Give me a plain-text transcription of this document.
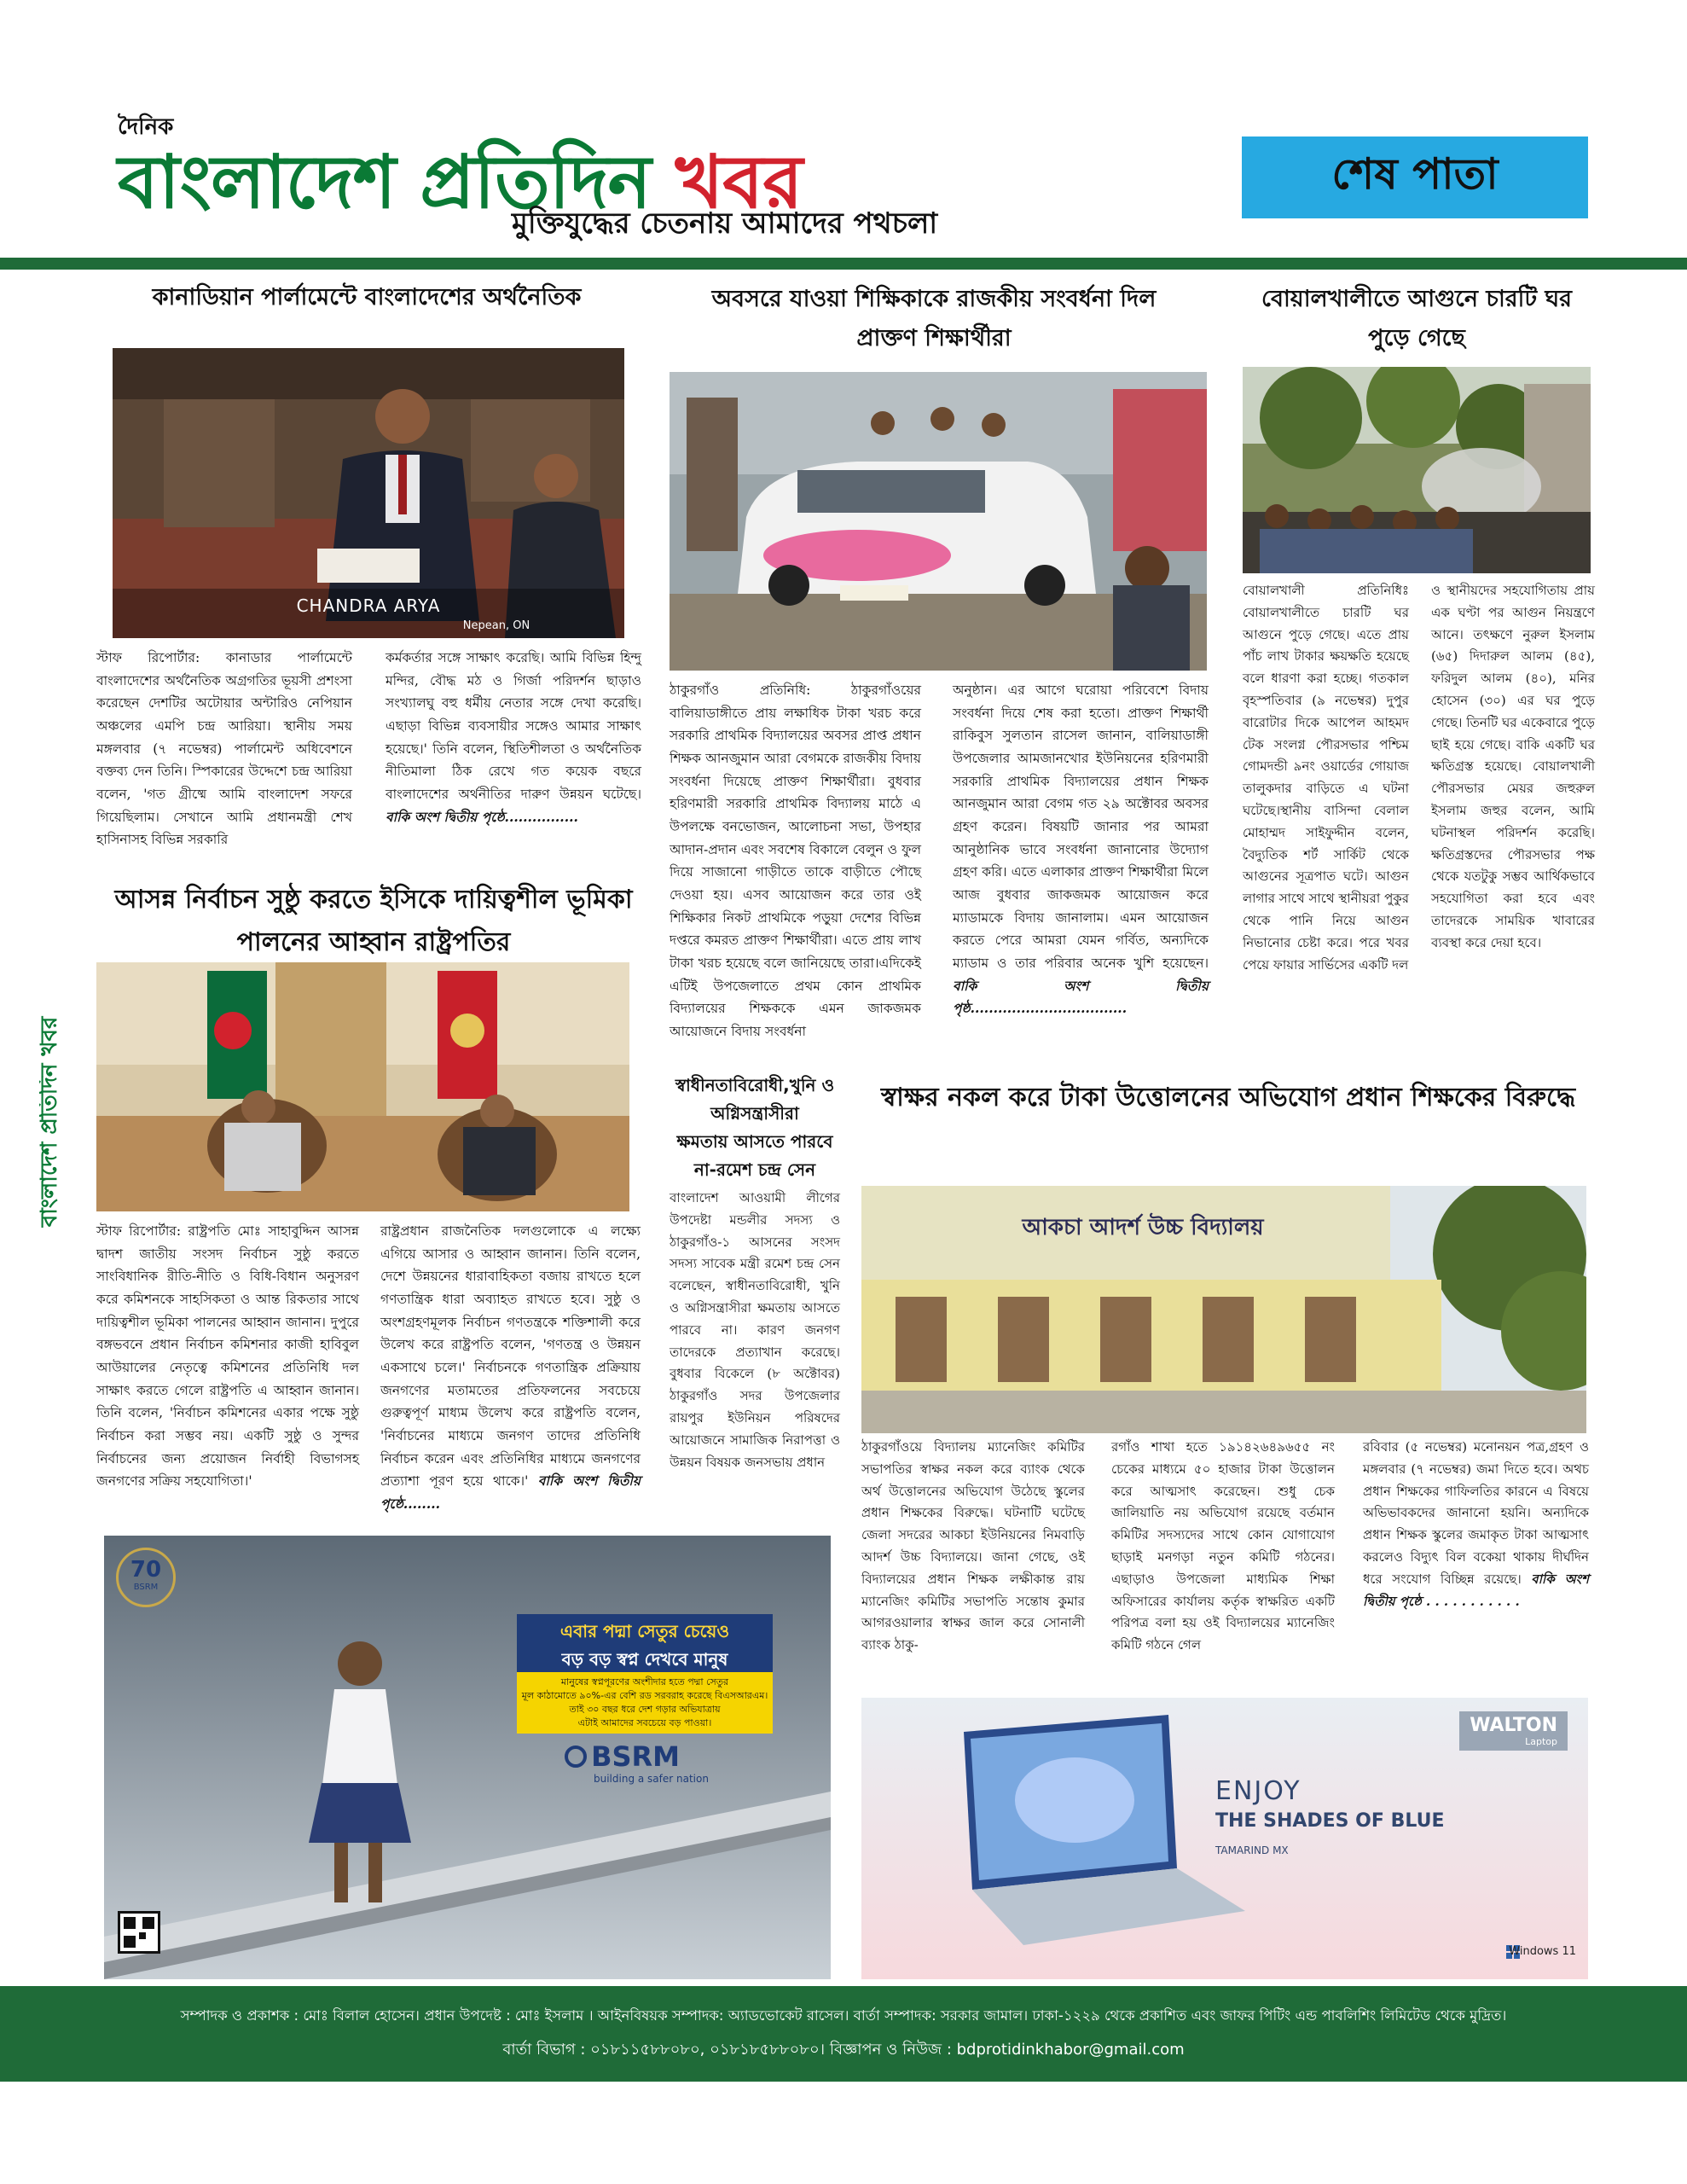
দৈনিক
বাংলাদেশ প্রতিদিন খবর
মুক্তিযুদ্ধের চেতনায় আমাদের পথচলা
শেষ পাতা
বাংলাদেশ প্রতিদিন খবর
কানাডিয়ান পার্লামেন্টে বাংলাদেশের অর্থনৈতিক
CHANDRA ARYA
Nepean, ON
স্টাফ রিপোর্টার: কানাডার পার্লামেন্টে বাংলাদেশের অর্থনৈতিক অগ্রগতির ভূয়সী প্রশংসা করেছেন দেশটির অটোয়ার অন্টারিও নেপিয়ান অঞ্চলের এমপি চন্দ্র আরিয়া। স্থানীয় সময় মঙ্গলবার (৭ নভেম্বর) পার্লামেন্ট অধিবেশনে বক্তব্য দেন তিনি। স্পিকারের উদ্দেশে চন্দ্র আরিয়া বলেন, 'গত গ্রীষ্মে আমি বাংলাদেশ সফরে গিয়েছিলাম। সেখানে আমি প্রধানমন্ত্রী শেখ হাসিনাসহ বিভিন্ন সরকারি
কর্মকর্তার সঙ্গে সাক্ষাৎ করেছি। আমি বিভিন্ন হিন্দু মন্দির, বৌদ্ধ মঠ ও গির্জা পরিদর্শন ছাড়াও সংখ্যালঘু বহু ধর্মীয় নেতার সঙ্গে দেখা করেছি। এছাড়া বিভিন্ন ব্যবসায়ীর সঙ্গেও আমার সাক্ষাৎ হয়েছে।' তিনি বলেন, স্থিতিশীলতা ও অর্থনৈতিক নীতিমালা ঠিক রেখে গত কয়েক বছরে বাংলাদেশের অর্থনীতির দারুণ উন্নয়ন ঘটেছে। বাকি অংশ দ্বিতীয় পৃষ্ঠে................
আসন্ন নির্বাচন সুষ্ঠু করতে ইসিকে দায়িত্বশীল ভূমিকা পালনের আহ্বান রাষ্ট্রপতির
স্টাফ রিপোর্টার: রাষ্ট্রপতি মোঃ সাহাবুদ্দিন আসন্ন দ্বাদশ জাতীয় সংসদ নির্বাচন সুষ্ঠু করতে সাংবিধানিক রীতি-নীতি ও বিধি-বিধান অনুসরণ করে কমিশনকে সাহসিকতা ও আন্ত রিকতার সাথে দায়িত্বশীল ভূমিকা পালনের আহ্বান জানান। দুপুরে বঙ্গভবনে প্রধান নির্বাচন কমিশনার কাজী হাবিবুল আউয়ালের নেতৃত্বে কমিশনের প্রতিনিধি দল সাক্ষাৎ করতে গেলে রাষ্ট্রপতি এ আহ্বান জানান। তিনি বলেন, 'নির্বাচন কমিশনের একার পক্ষে সুষ্ঠু নির্বাচন করা সম্ভব নয়। একটি সুষ্ঠু ও সুন্দর নির্বাচনের জন্য প্রয়োজন নির্বাহী বিভাগসহ জনগণের সক্রিয় সহযোগিতা।'
রাষ্ট্রপ্রধান রাজনৈতিক দলগুলোকে এ লক্ষ্যে এগিয়ে আসার ও আহ্বান জানান। তিনি বলেন, দেশে উন্নয়নের ধারাবাহিকতা বজায় রাখতে হলে গণতান্ত্রিক ধারা অব্যাহত রাখতে হবে। সুষ্ঠু ও অংশগ্রহণমূলক নির্বাচন গণতন্ত্রকে শক্তিশালী করে উলেখ করে রাষ্ট্রপতি বলেন, 'গণতন্ত্র ও উন্নয়ন একসাথে চলে।' নির্বাচনকে গণতান্ত্রিক প্রক্রিয়ায় জনগণের মতামতের প্রতিফলনের সবচেয়ে গুরুত্বপূর্ণ মাধ্যম উলেখ করে রাষ্ট্রপতি বলেন, 'নির্বাচনের মাধ্যমে জনগণ তাদের প্রতিনিধি নির্বাচন করেন এবং প্রতিনিধির মাধ্যমে জনগণের প্রত্যাশা পূরণ হয়ে থাকে।' বাকি অংশ দ্বিতীয় পৃষ্ঠে........
অবসরে যাওয়া শিক্ষিকাকে রাজকীয় সংবর্ধনা দিল প্রাক্তণ শিক্ষার্থীরা
ঠাকুরগাঁও প্রতিনিধি: ঠাকুরগাঁওয়ের বালিয়াডাঙ্গীতে প্রায় লক্ষাধিক টাকা খরচ করে সরকারি প্রাথমিক বিদ্যালয়ের অবসর প্রাপ্ত প্রধান শিক্ষক আনজুমান আরা বেগমকে রাজকীয় বিদায় সংবর্ধনা দিয়েছে প্রাক্তণ শিক্ষার্থীরা। বুধবার হরিণমারী সরকারি প্রাথমিক বিদ্যালয় মাঠে এ উপলক্ষে বনভোজন, আলোচনা সভা, উপহার আদান-প্রদান এবং সবশেষ বিকালে বেলুন ও ফুল দিয়ে সাজানো গাড়ীতে তাকে বাড়ীতে পৌছে দেওয়া হয়। এসব আয়োজন করে তার ওই শিক্ষিকার নিকট প্রাথমিকে পড়ুয়া দেশের বিভিন্ন দপ্তরে কমরত প্রাক্তণ শিক্ষার্থীরা। এতে প্রায় লাখ টাকা খরচ হয়েছে বলে জানিয়েছে তারা।এদিকেই এটিই উপজেলাতে প্রথম কোন প্রাথমিক বিদ্যালয়ের শিক্ষককে এমন জাকজমক আয়োজনে বিদায় সংবর্ধনা
অনুষ্ঠান। এর আগে ঘরোয়া পরিবেশে বিদায় সংবর্ধনা দিয়ে শেষ করা হতো। প্রাক্তণ শিক্ষার্থী রাকিবুস সুলতান রাসেল জানান, বালিয়াডাঙ্গী উপজেলার আমজানখোর ইউনিয়নের হরিণমারী সরকারি প্রাথমিক বিদ্যালয়ের প্রধান শিক্ষক আনজুমান আরা বেগম গত ২৯ অক্টোবর অবসর গ্রহণ করেন। বিষয়টি জানার পর আমরা আনুষ্ঠানিক ভাবে সংবর্ধনা জানানোর উদ্যোগ গ্রহণ করি। এতে এলাকার প্রাক্তণ শিক্ষার্থীরা মিলে আজ বুধবার জাকজমক আয়োজন করে ম্যাডামকে বিদায় জানালাম। এমন আয়োজন করতে পেরে আমরা যেমন গর্বিত, অন্যদিকে ম্যাডাম ও তার পরিবার অনেক খুশি হয়েছেন। বাকি অংশ দ্বিতীয় পৃষ্ঠ..................................
বোয়ালখালীতে আগুনে চারটি ঘর পুড়ে গেছে
বোয়ালখালী প্রতিনিধিঃ বোয়ালখালীতে চারটি ঘর আগুনে পুড়ে গেছে। এতে প্রায় পাঁচ লাখ টাকার ক্ষয়ক্ষতি হয়েছে বলে ধারণা করা হচ্ছে। গতকাল বৃহস্পতিবার (৯ নভেম্বর) দুপুর বারোটার দিকে আপেল আহমদ টেক সংলগ্ন পৌরসভার পশ্চিম গোমদন্ডী ৯নং ওয়ার্ডের গোয়াজ তালুকদার বাড়িতে এ ঘটনা ঘটেছে।স্থানীয় বাসিন্দা বেলাল মোহাম্মদ সাইফুদ্দীন বলেন, বৈদ্যুতিক শর্ট সার্কিট থেকে আগুনের সূত্রপাত ঘটে। আগুন লাগার সাথে সাথে স্থানীয়রা পুকুর থেকে পানি নিয়ে আগুন নিভানোর চেষ্টা করে। পরে খবর পেয়ে ফায়ার সার্ভিসের একটি দল
ও স্থানীয়দের সহযোগিতায় প্রায় এক ঘণ্টা পর আগুন নিয়ন্ত্রণে আনে। তৎক্ষণে নুরুল ইসলাম (৬৫) দিদারুল আলম (৪৫), ফরিদুল আলম (৪০), মনির হোসেন (৩০) এর ঘর পুড়ে গেছে। তিনটি ঘর একেবারে পুড়ে ছাই হয়ে গেছে। বাকি একটি ঘর ক্ষতিগ্রস্ত হয়েছে। বোয়ালখালী পৌরসভার মেয়র জহুরুল ইসলাম জহুর বলেন, আমি ঘটনাস্থল পরিদর্শন করেছি। ক্ষতিগ্রস্তদের পৌরসভার পক্ষ থেকে যতটুকু সম্ভব আর্থিকভাবে সহযোগিতা করা হবে এবং তাদেরকে সাময়িক খাবারের ব্যবস্থা করে দেয়া হবে।
স্বাধীনতাবিরোধী,খুনি ও
অগ্নিসন্ত্রাসীরা
ক্ষমতায় আসতে পারবে
না-রমেশ চন্দ্র সেন
বাংলাদেশ আওয়ামী লীগের উপদেষ্টা মন্ডলীর সদস্য ও ঠাকুরগাঁও-১ আসনের সংসদ সদস্য সাবেক মন্ত্রী রমেশ চন্দ্র সেন বলেছেন, স্বাধীনতাবিরোধী, খুনি ও অগ্নিসন্ত্রাসীরা ক্ষমতায় আসতে পারবে না। কারণ জনগণ তাদেরকে প্রত্যাখান করেছে। বুধবার বিকেলে (৮ অক্টোবর) ঠাকুরগাঁও সদর উপজেলার রায়পুর ইউনিয়ন পরিষদের আয়োজনে সামাজিক নিরাপত্তা ও উন্নয়ন বিষয়ক জনসভায় প্রধান
স্বাক্ষর নকল করে টাকা উত্তোলনের অভিযোগ প্রধান শিক্ষকের বিরুদ্ধে
আকচা আদর্শ উচ্চ বিদ্যালয়
ঠাকুরগাঁওয়ে বিদ্যালয় ম্যানেজিং কমিটির সভাপতির স্বাক্ষর নকল করে ব্যাংক থেকে অর্থ উত্তোলনের অভিযোগ উঠেছে স্কুলের প্রধান শিক্ষকের বিরুদ্ধে। ঘটনাটি ঘটেছে জেলা সদরের আকচা ইউনিয়নের নিমবাড়ি আদর্শ উচ্চ বিদ্যালয়ে। জানা গেছে, ওই বিদ্যালয়ের প্রধান শিক্ষক লক্ষীকান্ত রায় ম্যানেজিং কমিটির সভাপতি সন্তোষ কুমার আগরওয়ালার স্বাক্ষর জাল করে সোনালী ব্যাংক ঠাকু-
রগাঁও শাখা হতে ১৯১৪২৬৪৯৬৫৫ নং চেকের মাধ্যমে ৫০ হাজার টাকা উত্তোলন করে আত্মসাৎ করেছেন। শুধু চেক জালিয়াতি নয় অভিযোগ রয়েছে বর্তমান কমিটির সদস্যদের সাথে কোন যোগাযোগ ছাড়াই মনগড়া নতুন কমিটি গঠনের। এছাড়াও উপজেলা মাধ্যমিক শিক্ষা অফিসারের কার্যালয় কর্তৃক স্বাক্ষরিত একটি পরিপত্র বলা হয় ওই বিদ্যালয়ের ম্যানেজিং কমিটি গঠনে গেল
রবিবার (৫ নভেম্বর) মনোনয়ন পত্র,গ্রহণ ও মঙ্গলবার (৭ নভেম্বর) জমা দিতে হবে। অথচ প্রধান শিক্ষকের গাফিলতির কারনে এ বিষয়ে অভিভাবকদের জানানো হয়নি। অন্যদিকে প্রধান শিক্ষক স্কুলের জমাকৃত টাকা আত্মসাৎ করলেও বিদ্যুৎ বিল বকেয়া থাকায় দীর্ঘদিন ধরে সংযোগ বিচ্ছিন্ন রয়েছে। বাকি অংশ দ্বিতীয় পৃষ্ঠে . . . . . . . . . . .
70
BSRM
এবার পদ্মা সেতুর চেয়েও
বড় বড় স্বপ্ন দেখবে মানুষ
মানুষের স্বপ্নপূরণের অংশীদার হতে পদ্মা সেতুর
মূল কাঠামোতে ৯০%-এর বেশি রড সরবরাহ করেছে বিএসআরএম।
তাই ৩০ বছর ধরে দেশ গড়ার অভিযাত্রায়
এটাই আমাদের সবচেয়ে বড় পাওয়া।
BSRM
building a safer nation
WALTON
Laptop
ENJOY
THE SHADES OF BLUE
TAMARIND MX
Windows 11
সম্পাদক ও প্রকাশক : মোঃ বিলাল হোসেন। প্রধান উপদেষ্ট : মোঃ ইসলাম । আইনবিষয়ক সম্পাদক: অ্যাডভোকেট রাসেল। বার্তা সম্পাদক: সরকার জামাল। ঢাকা-১২২৯ থেকে প্রকাশিত এবং জাফর পিটিং এন্ড পাবলিশিং লিমিটেড থেকে মুদ্রিত।
বার্তা বিভাগ : ০১৮১১৫৮৮০৮০, ০১৮১৮৫৮৮০৮০। বিজ্ঞাপন ও নিউজ : bdprotidinkhabor@gmail.com
